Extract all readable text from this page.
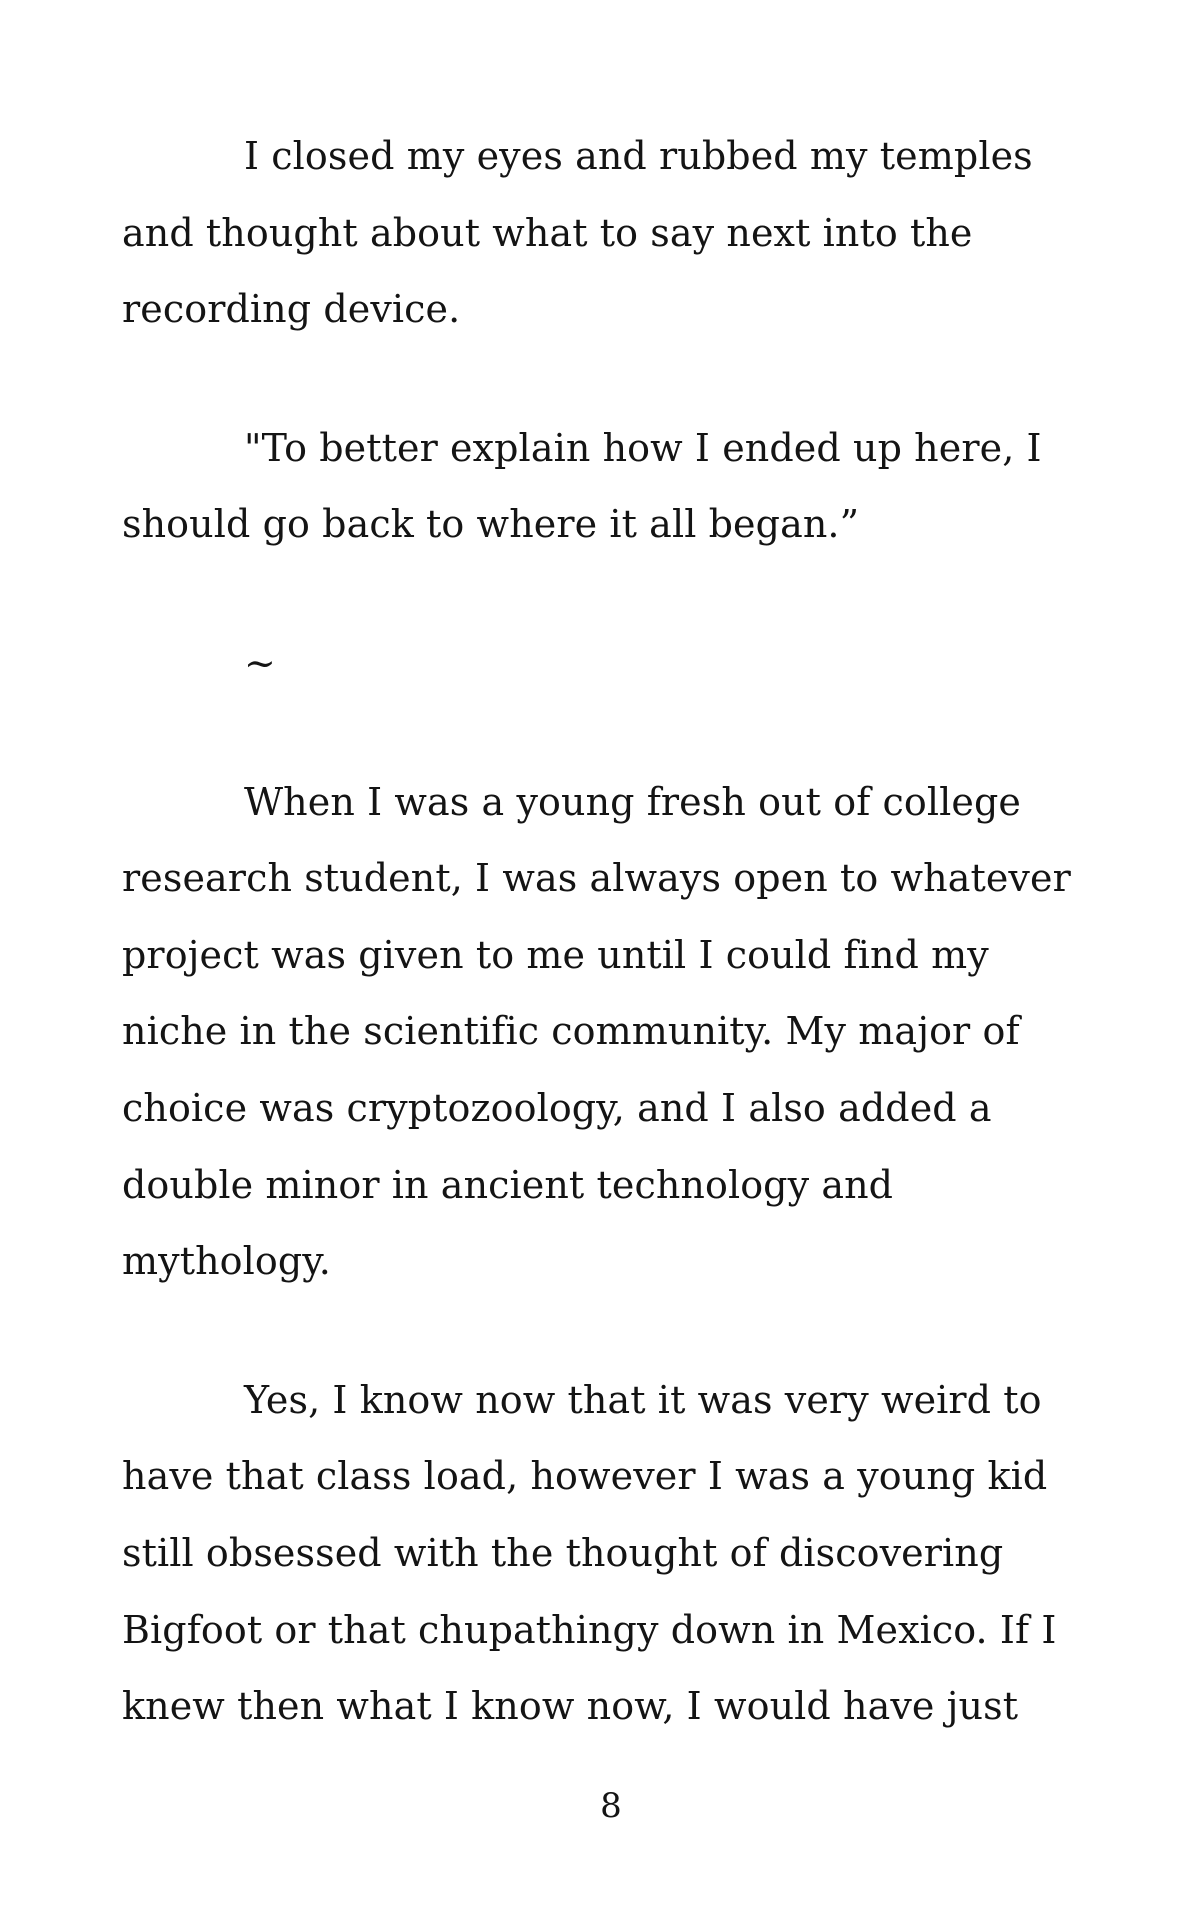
I closed my eyes and rubbed my temples and thought about what to say next into the recording device.

"To better explain how I ended up here, I should go back to where it all began.”

~

When I was a young fresh out of college research student, I was always open to whatever project was given to me until I could find my niche in the scientific community. My major of choice was cryptozoology, and I also added a double minor in ancient technology and mythology.

Yes, I know now that it was very weird to have that class load, however I was a young kid still obsessed with the thought of discovering Bigfoot or that chupathingy down in Mexico. If I knew then what I know now, I would have just

8
